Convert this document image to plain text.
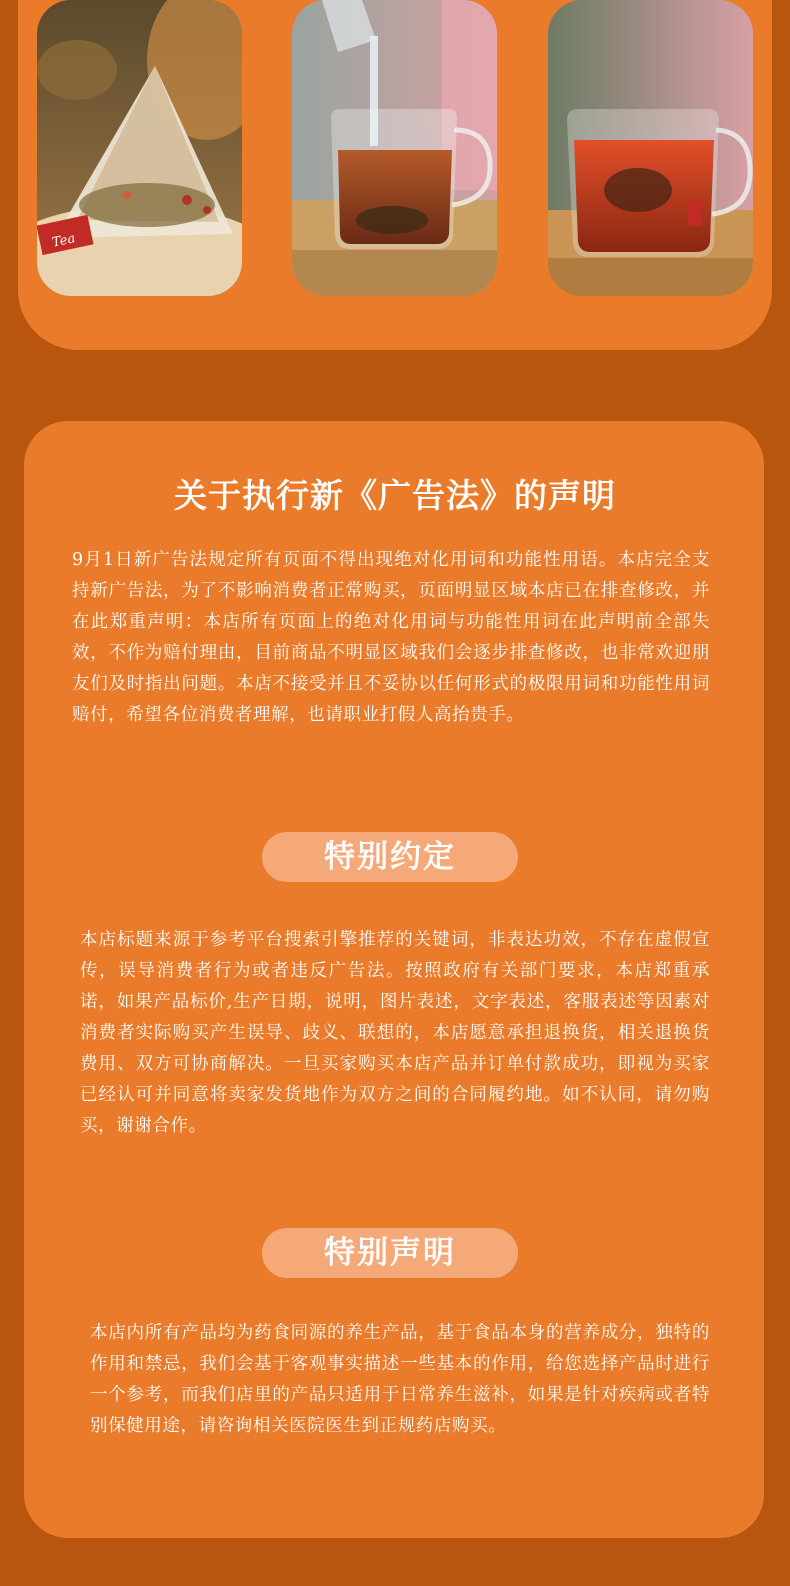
Tea
关于执行新《广告法》的声明

9月1日新广告法规定所有页面不得出现绝对化用词和功能性用语。本店完全支持新广告法，为了不影响消费者正常购买，页面明显区域本店已在排查修改，并在此郑重声明：本店所有页面上的绝对化用词与功能性用词在此声明前全部失效，不作为赔付理由，目前商品不明显区域我们会逐步排查修改，也非常欢迎朋友们及时指出问题。本店不接受并且不妥协以任何形式的极限用词和功能性用词赔付，希望各位消费者理解，也请职业打假人高抬贵手。

特别约定

本店标题来源于参考平台搜索引擎推荐的关键词，非表达功效，不存在虚假宣传，误导消费者行为或者违反广告法。按照政府有关部门要求，本店郑重承诺，如果产品标价,生产日期，说明，图片表述，文字表述，客服表述等因素对消费者实际购买产生误导、歧义、联想的，本店愿意承担退换货，相关退换货费用、双方可协商解决。一旦买家购买本店产品并订单付款成功，即视为买家已经认可并同意将卖家发货地作为双方之间的合同履约地。如不认同，请勿购买，谢谢合作。

特别声明

本店内所有产品均为药食同源的养生产品，基于食品本身的营养成分，独特的作用和禁忌，我们会基于客观事实描述一些基本的作用，给您选择产品时进行一个参考，而我们店里的产品只适用于日常养生滋补，如果是针对疾病或者特别保健用途，请咨询相关医院医生到正规药店购买。
